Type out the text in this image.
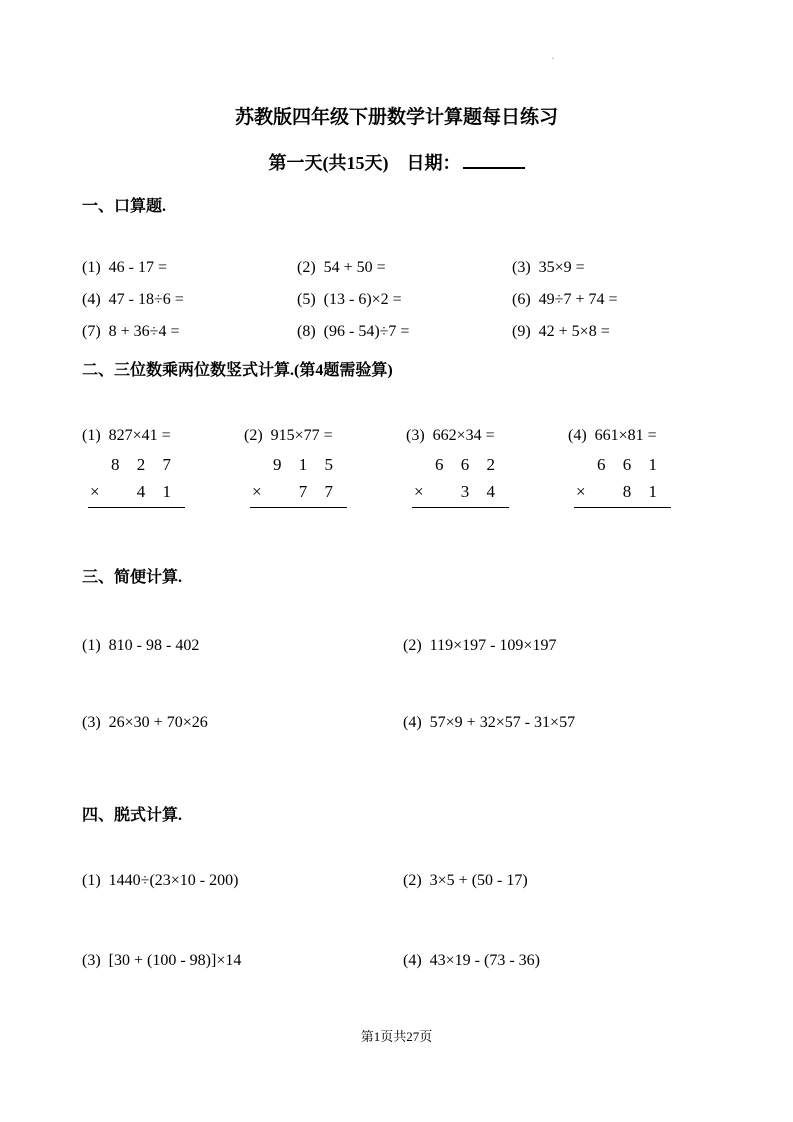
·
苏教版四年级下册数学计算题每日练习
第一天(共15天) 日期：
一、口算题.
(1) 46 - 17 =	(2) 54 + 50 =	(3) 35×9 =
(4) 47 - 18÷6 =	(5) (13 - 6)×2 =	(6) 49÷7 + 74 =
(7) 8 + 36÷4 =	(8) (96 - 54)÷7 =	(9) 42 + 5×8 =
二、三位数乘两位数竖式计算.(第4题需验算)
(1) 827×41 =
8 2 7
× 4 1
(2) 915×77 =
9 1 5
× 7 7
(3) 662×34 =
6 6 2
× 3 4
(4) 661×81 =
6 6 1
× 8 1
三、简便计算.
(1) 810 - 98 - 402	(2) 119×197 - 109×197
(3) 26×30 + 70×26	(4) 57×9 + 32×57 - 31×57
四、脱式计算.
(1) 1440÷(23×10 - 200)	(2) 3×5 + (50 - 17)
(3) [30 + (100 - 98)]×14	(4) 43×19 - (73 - 36)
第1页共27页
